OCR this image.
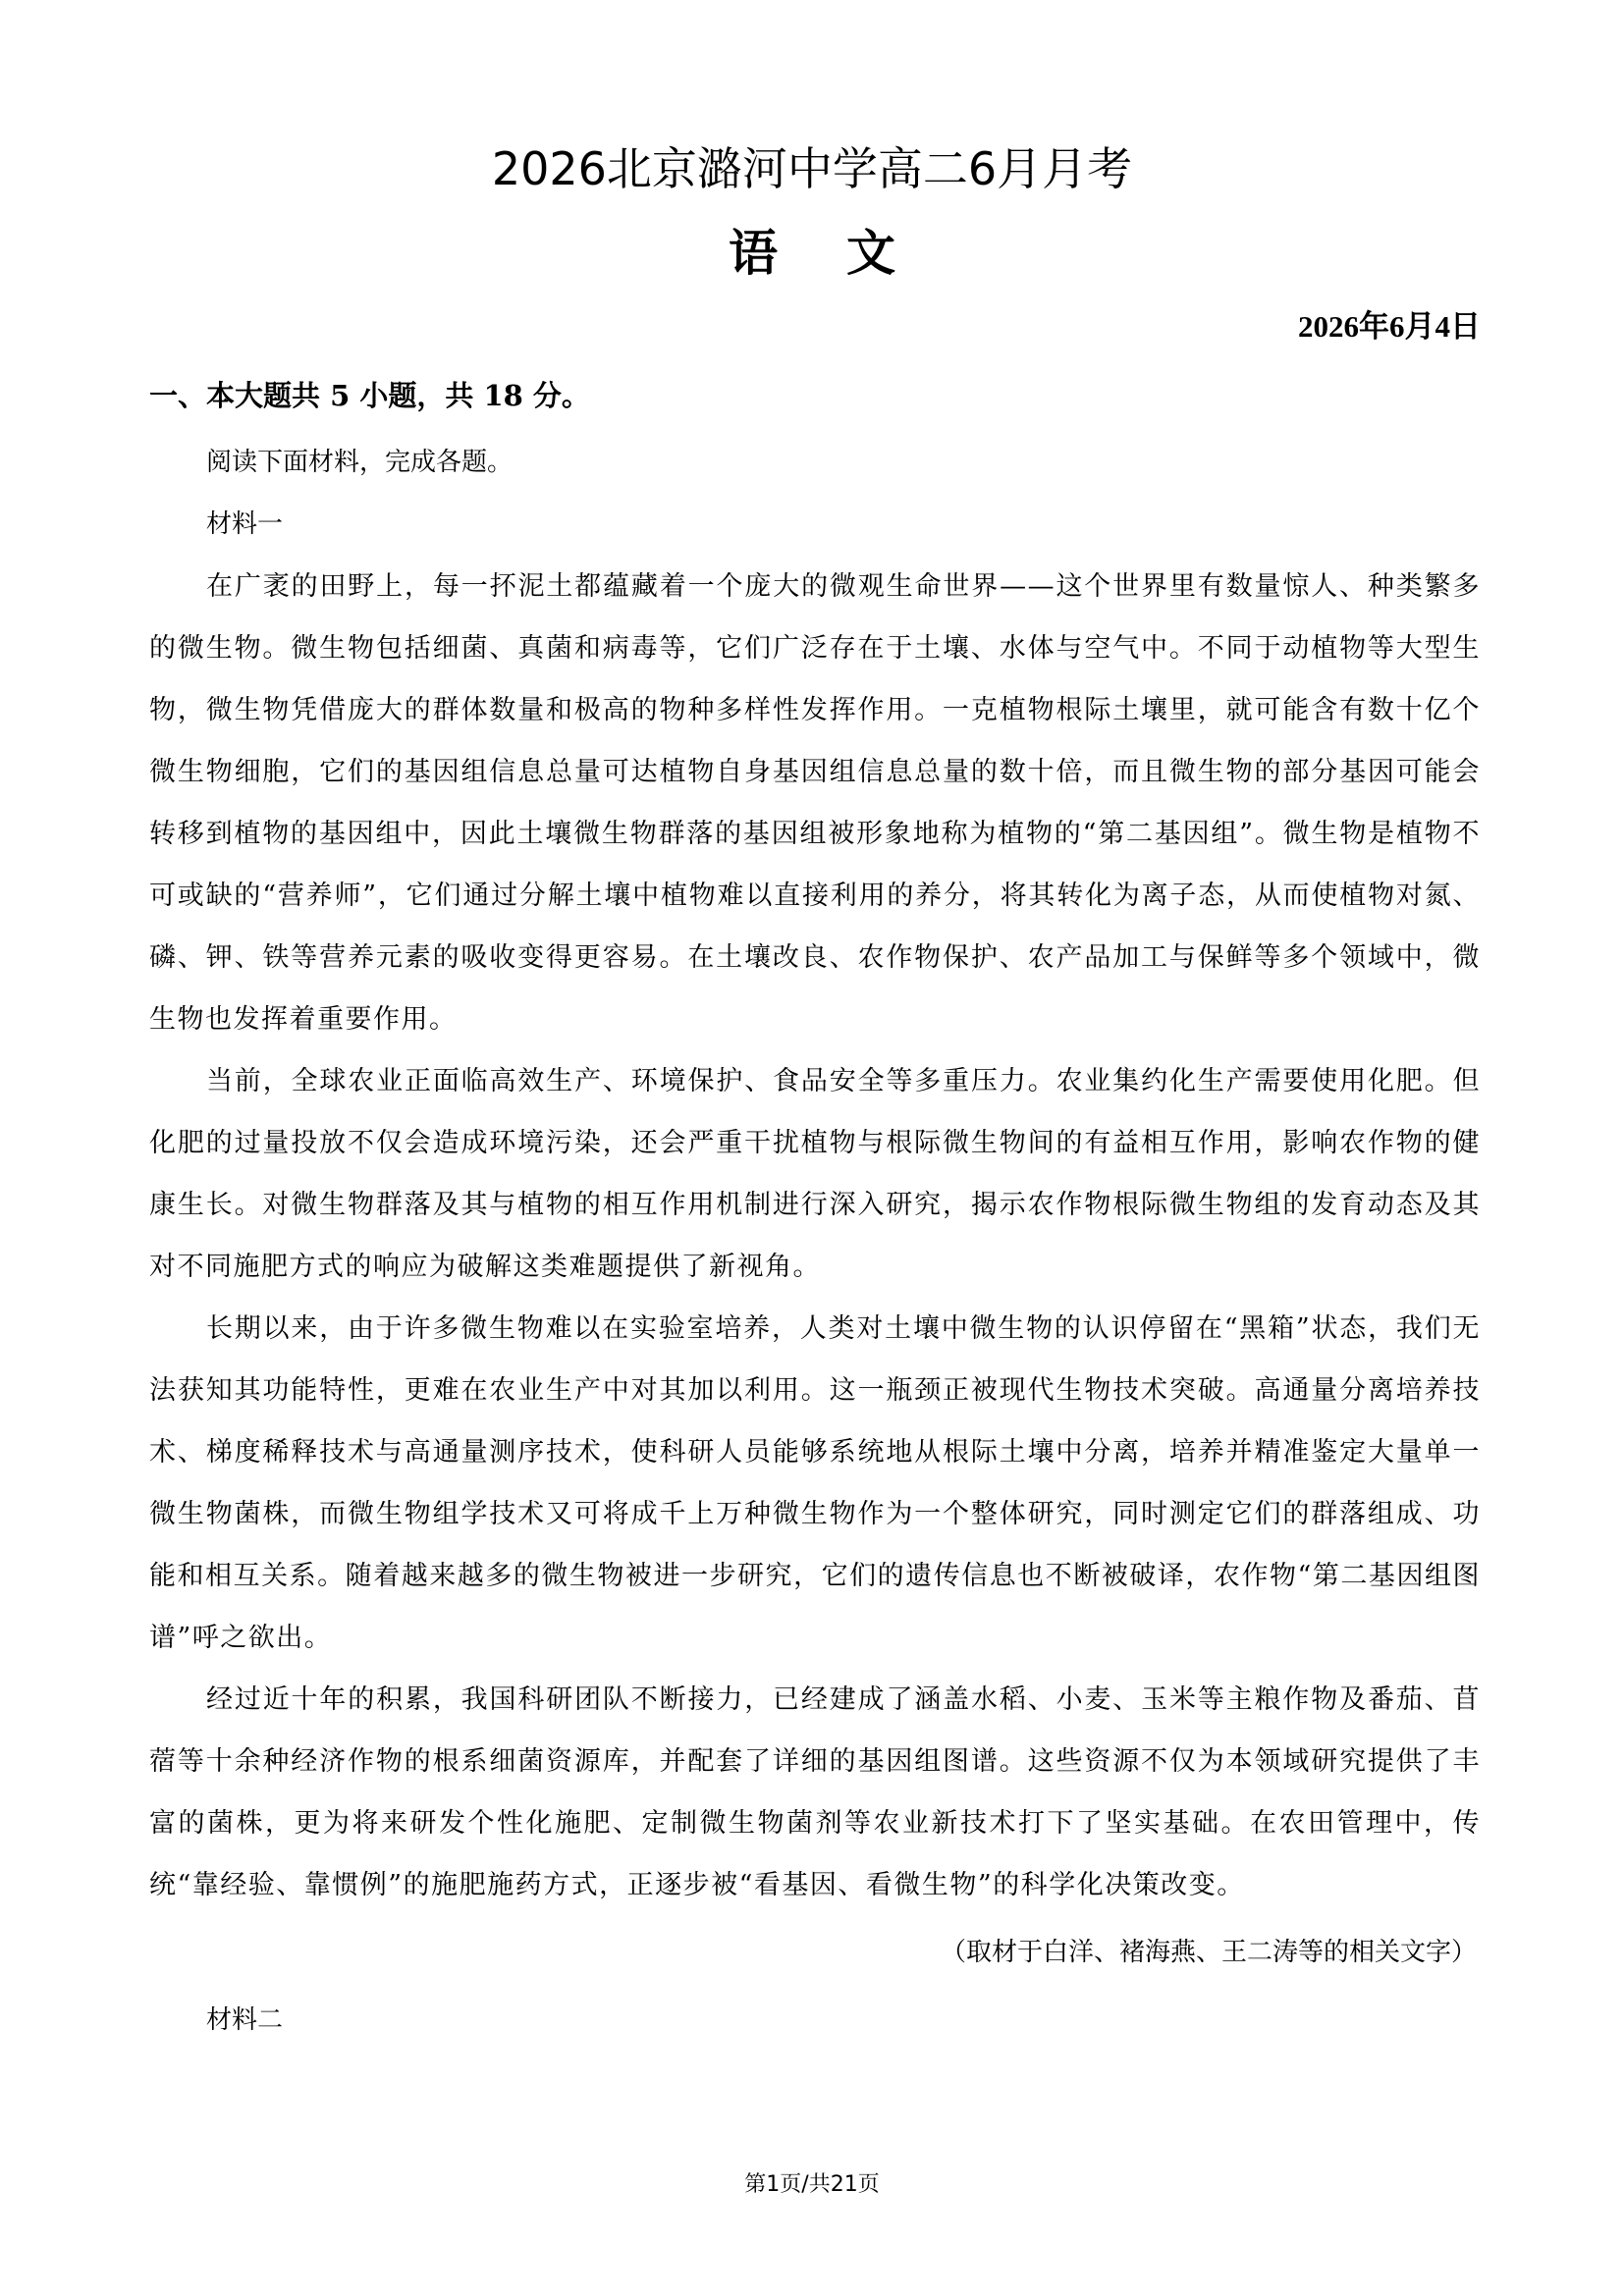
2026北京潞河中学高二6月月考
语文
2026年6月4日
一、本大题共 5 小题，共 18 分。

阅读下面材料，完成各题。

材料一

在广袤的田野上，每一抔泥土都蕴藏着一个庞大的微观生命世界——这个世界里有数量惊人、种类繁多的微生物。微生物包括细菌、真菌和病毒等，它们广泛存在于土壤、水体与空气中。不同于动植物等大型生物，微生物凭借庞大的群体数量和极高的物种多样性发挥作用。一克植物根际土壤里，就可能含有数十亿个微生物细胞，它们的基因组信息总量可达植物自身基因组信息总量的数十倍，而且微生物的部分基因可能会转移到植物的基因组中，因此土壤微生物群落的基因组被形象地称为植物的“第二基因组”。微生物是植物不可或缺的“营养师”，它们通过分解土壤中植物难以直接利用的养分，将其转化为离子态，从而使植物对氮、磷、钾、铁等营养元素的吸收变得更容易。在土壤改良、农作物保护、农产品加工与保鲜等多个领域中，微生物也发挥着重要作用。

当前，全球农业正面临高效生产、环境保护、食品安全等多重压力。农业集约化生产需要使用化肥。但化肥的过量投放不仅会造成环境污染，还会严重干扰植物与根际微生物间的有益相互作用，影响农作物的健康生长。对微生物群落及其与植物的相互作用机制进行深入研究，揭示农作物根际微生物组的发育动态及其对不同施肥方式的响应为破解这类难题提供了新视角。

长期以来，由于许多微生物难以在实验室培养，人类对土壤中微生物的认识停留在“黑箱”状态，我们无法获知其功能特性，更难在农业生产中对其加以利用。这一瓶颈正被现代生物技术突破。高通量分离培养技术、梯度稀释技术与高通量测序技术，使科研人员能够系统地从根际土壤中分离，培养并精准鉴定大量单一微生物菌株，而微生物组学技术又可将成千上万种微生物作为一个整体研究，同时测定它们的群落组成、功能和相互关系。随着越来越多的微生物被进一步研究，它们的遗传信息也不断被破译，农作物“第二基因组图谱”呼之欲出。

经过近十年的积累，我国科研团队不断接力，已经建成了涵盖水稻、小麦、玉米等主粮作物及番茄、苜蓿等十余种经济作物的根系细菌资源库，并配套了详细的基因组图谱。这些资源不仅为本领域研究提供了丰富的菌株，更为将来研发个性化施肥、定制微生物菌剂等农业新技术打下了坚实基础。在农田管理中，传统“靠经验、靠惯例”的施肥施药方式，正逐步被“看基因、看微生物”的科学化决策改变。

（取材于白洋、褚海燕、王二涛等的相关文字）

材料二

第1页/共21页
